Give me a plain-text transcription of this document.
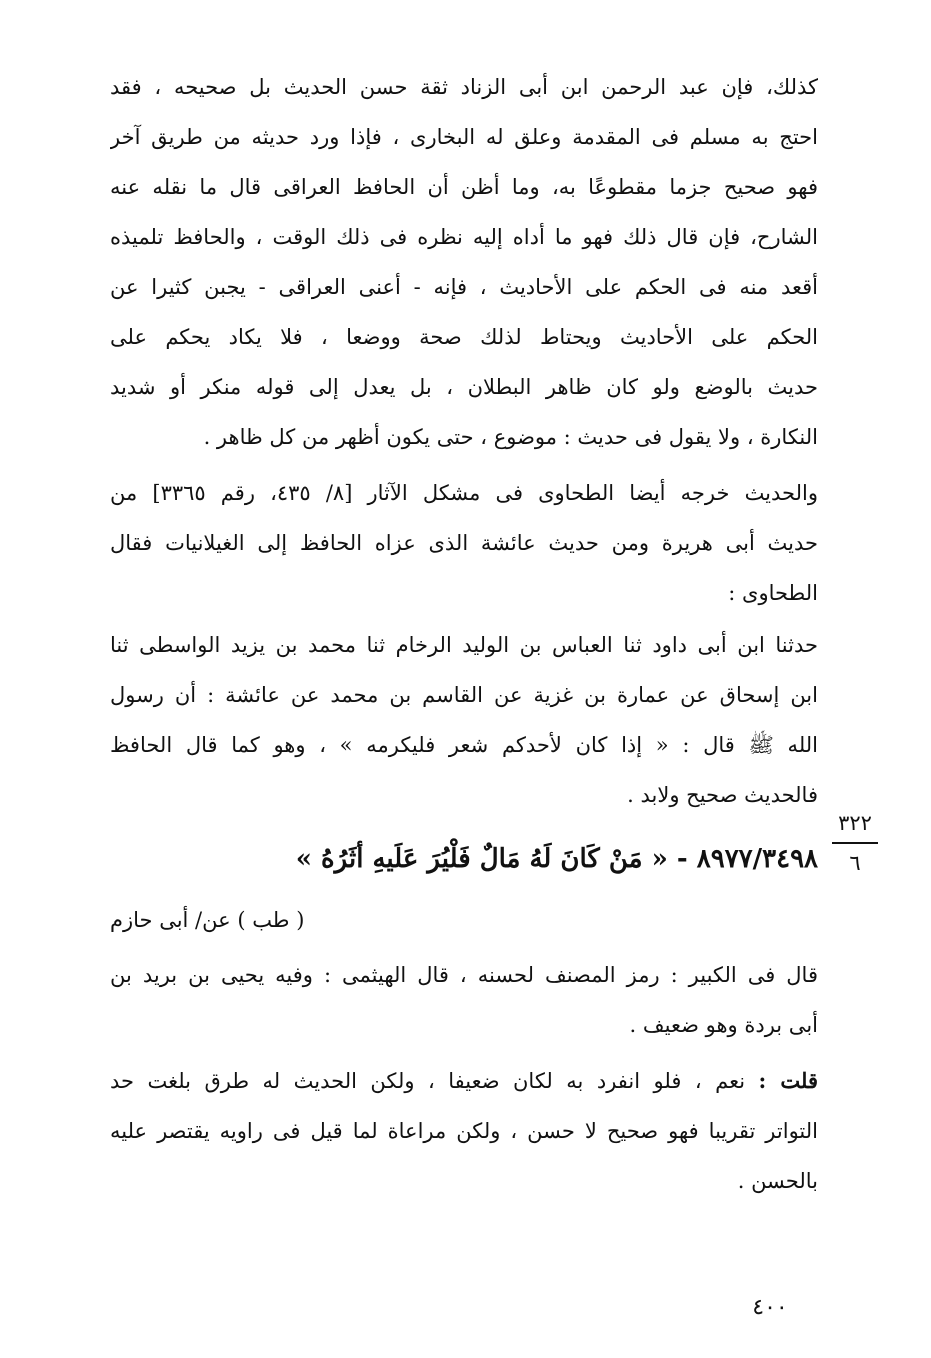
كذلك، فإن عبد الرحمن ابن أبى الزناد ثقة حسن الحديث بل صحيحه ، فقد
احتج به مسلم فى المقدمة وعلق له البخارى ، فإذا ورد حديثه من طريق آخر
فهو صحيح جزما مقطوعًا به، وما أظن أن الحافظ العراقى قال ما نقله عنه
الشارح، فإن قال ذلك فهو ما أداه إليه نظره فى ذلك الوقت ، والحافظ تلميذه
أقعد منه فى الحكم على الأحاديث ، فإنه - أعنى العراقى - يجبن كثيرا عن
الحكم على الأحاديث ويحتاط لذلك صحة ووضعا ، فلا يكاد يحكم على
حديث بالوضع ولو كان ظاهر البطلان ، بل يعدل إلى قوله منكر أو شديد
النكارة ، ولا يقول فى حديث : موضوع ، حتى يكون أظهر من كل ظاهر .
والحديث خرجه أيضا الطحاوى فى مشكل الآثار [٨/ ٤٣٥، رقم ٣٣٦٥] من
حديث أبى هريرة ومن حديث عائشة الذى عزاه الحافظ إلى الغيلانيات فقال
الطحاوى :
حدثنا ابن أبى داود ثنا العباس بن الوليد الرخام ثنا محمد بن يزيد الواسطى ثنا
ابن إسحاق عن عمارة بن غزية عن القاسم بن محمد عن عائشة : أن رسول
الله ﷺ قال : « إذا كان لأحدكم شعر فليكرمه » ، وهو كما قال الحافظ
فالحديث صحيح ولابد .
٣٢٢
٦
٨٩٧٧/٣٤٩٨ - « مَنْ كَانَ لَهُ مَالٌ فَلْيُرَ عَلَيهِ أثَرُهُ »
( طب ) عن/ أبى حازم
قال فى الكبير : رمز المصنف لحسنه ، قال الهيثمى : وفيه يحيى بن بريد بن
أبى بردة وهو ضعيف .
قلت : نعم ، فلو انفرد به لكان ضعيفا ، ولكن الحديث له طرق بلغت حد
التواتر تقريبا فهو صحيح لا حسن ، ولكن مراعاة لما قيل فى راويه يقتصر عليه
بالحسن .
٤٠٠
